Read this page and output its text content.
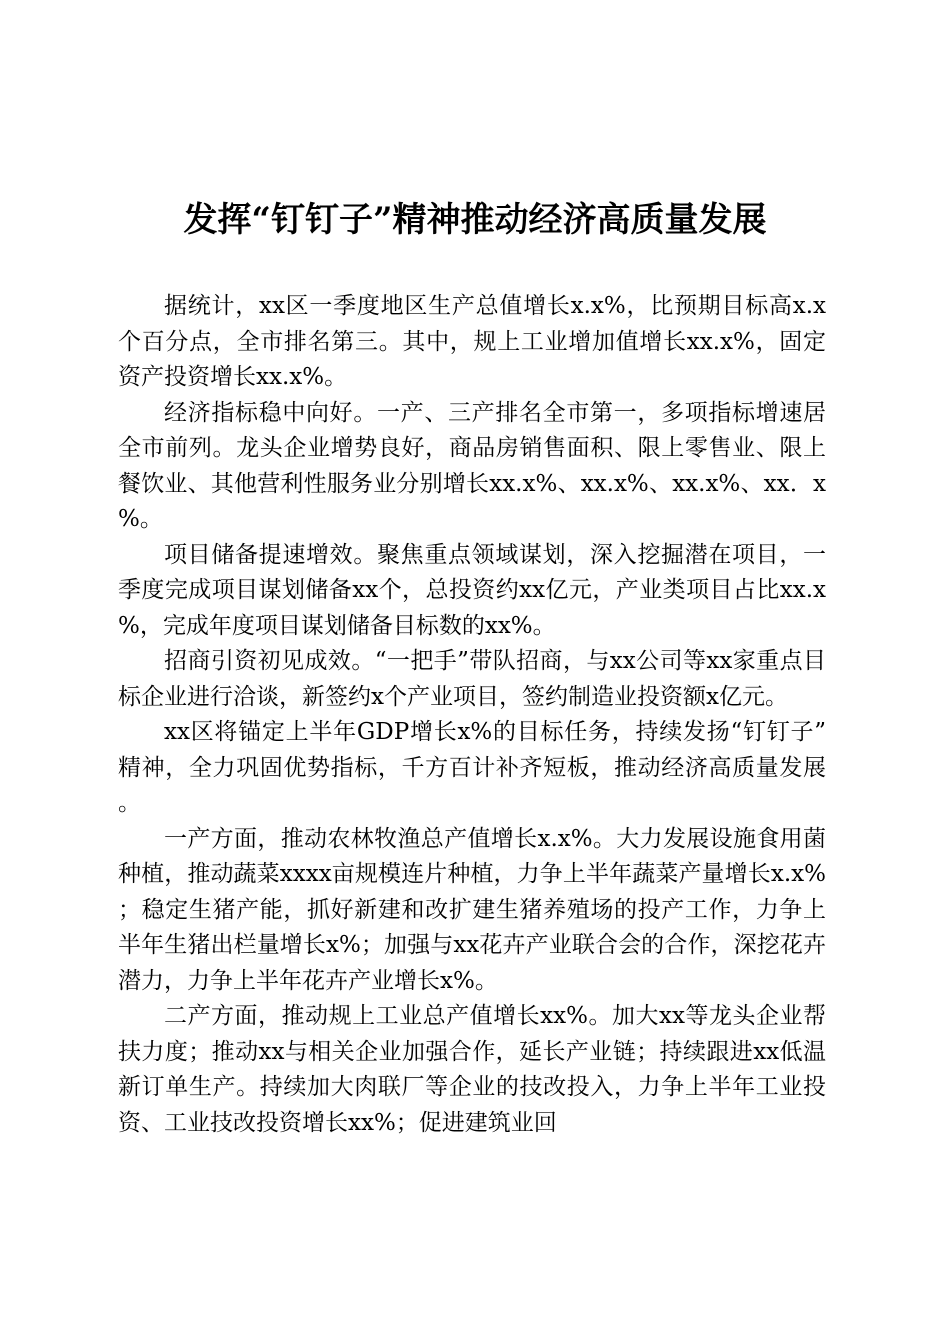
发挥“钉钉子”精神推动经济高质量发展

据统计，xx区一季度地区生产总值增长x.x%，比预期目标高x.x个百分点，全市排名第三。其中，规上工业增加值增长xx.x%，固定资产投资增长xx.x%。

经济指标稳中向好。一产、三产排名全市第一，多项指标增速居全市前列。龙头企业增势良好，商品房销售面积、限上零售业、限上餐饮业、其他营利性服务业分别增长xx.x%、xx.x%、xx.x%、xx．x%。

项目储备提速增效。聚焦重点领域谋划，深入挖掘潜在项目，一季度完成项目谋划储备xx个，总投资约xx亿元，产业类项目占比xx.x%，完成年度项目谋划储备目标数的xx%。

招商引资初见成效。“一把手”带队招商，与xx公司等xx家重点目标企业进行洽谈，新签约x个产业项目，签约制造业投资额x亿元。

xx区将锚定上半年GDP增长x%的目标任务，持续发扬“钉钉子”精神，全力巩固优势指标，千方百计补齐短板，推动经济高质量发展。

一产方面，推动农林牧渔总产值增长x.x%。大力发展设施食用菌种植，推动蔬菜xxxx亩规模连片种植，力争上半年蔬菜产量增长x.x%；稳定生猪产能，抓好新建和改扩建生猪养殖场的投产工作，力争上半年生猪出栏量增长x%；加强与xx花卉产业联合会的合作，深挖花卉潜力，力争上半年花卉产业增长x%。

二产方面，推动规上工业总产值增长xx%。加大xx等龙头企业帮扶力度；推动xx与相关企业加强合作，延长产业链；持续跟进xx低温新订单生产。持续加大肉联厂等企业的技改投入，力争上半年工业投资、工业技改投资增长xx%；促进建筑业回
